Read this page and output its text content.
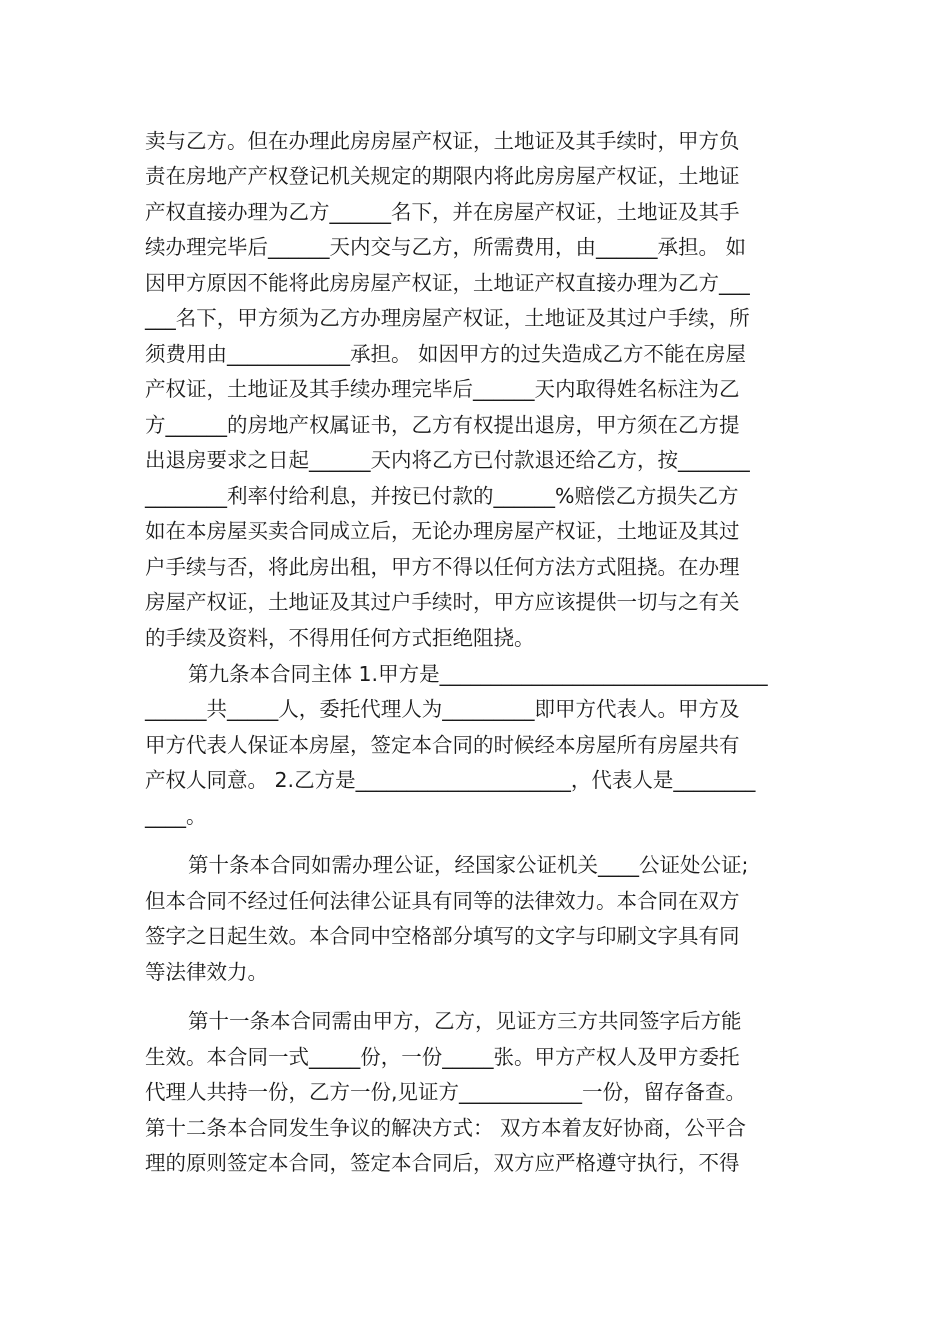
卖与乙方。但在办理此房房屋产权证，土地证及其手续时，甲方负
责在房地产产权登记机关规定的期限内将此房房屋产权证，土地证
产权直接办理为乙方______名下，并在房屋产权证，土地证及其手
续办理完毕后______天内交与乙方，所需费用，由______承担。 如
因甲方原因不能将此房房屋产权证，土地证产权直接办理为乙方___
___名下，甲方须为乙方办理房屋产权证，土地证及其过户手续，所
须费用由____________承担。 如因甲方的过失造成乙方不能在房屋
产权证，土地证及其手续办理完毕后______天内取得姓名标注为乙
方______的房地产权属证书，乙方有权提出退房，甲方须在乙方提
出退房要求之日起______天内将乙方已付款退还给乙方，按_______
________利率付给利息，并按已付款的______%赔偿乙方损失乙方
如在本房屋买卖合同成立后，无论办理房屋产权证，土地证及其过
户手续与否，将此房出租，甲方不得以任何方法方式阻挠。在办理
房屋产权证，土地证及其过户手续时，甲方应该提供一切与之有关
的手续及资料，不得用任何方式拒绝阻挠。
第九条本合同主体 1.甲方是________________________________
______共_____人，委托代理人为_________即甲方代表人。甲方及
甲方代表人保证本房屋，签定本合同的时候经本房屋所有房屋共有
产权人同意。 2.乙方是_____________________，代表人是________
____。
第十条本合同如需办理公证，经国家公证机关____公证处公证;
但本合同不经过任何法律公证具有同等的法律效力。本合同在双方
签字之日起生效。本合同中空格部分填写的文字与印刷文字具有同
等法律效力。
第十一条本合同需由甲方，乙方，见证方三方共同签字后方能
生效。本合同一式_____份，一份_____张。甲方产权人及甲方委托
代理人共持一份，乙方一份,见证方____________一份，留存备查。
第十二条本合同发生争议的解决方式： 双方本着友好协商，公平合
理的原则签定本合同，签定本合同后，双方应严格遵守执行，不得
